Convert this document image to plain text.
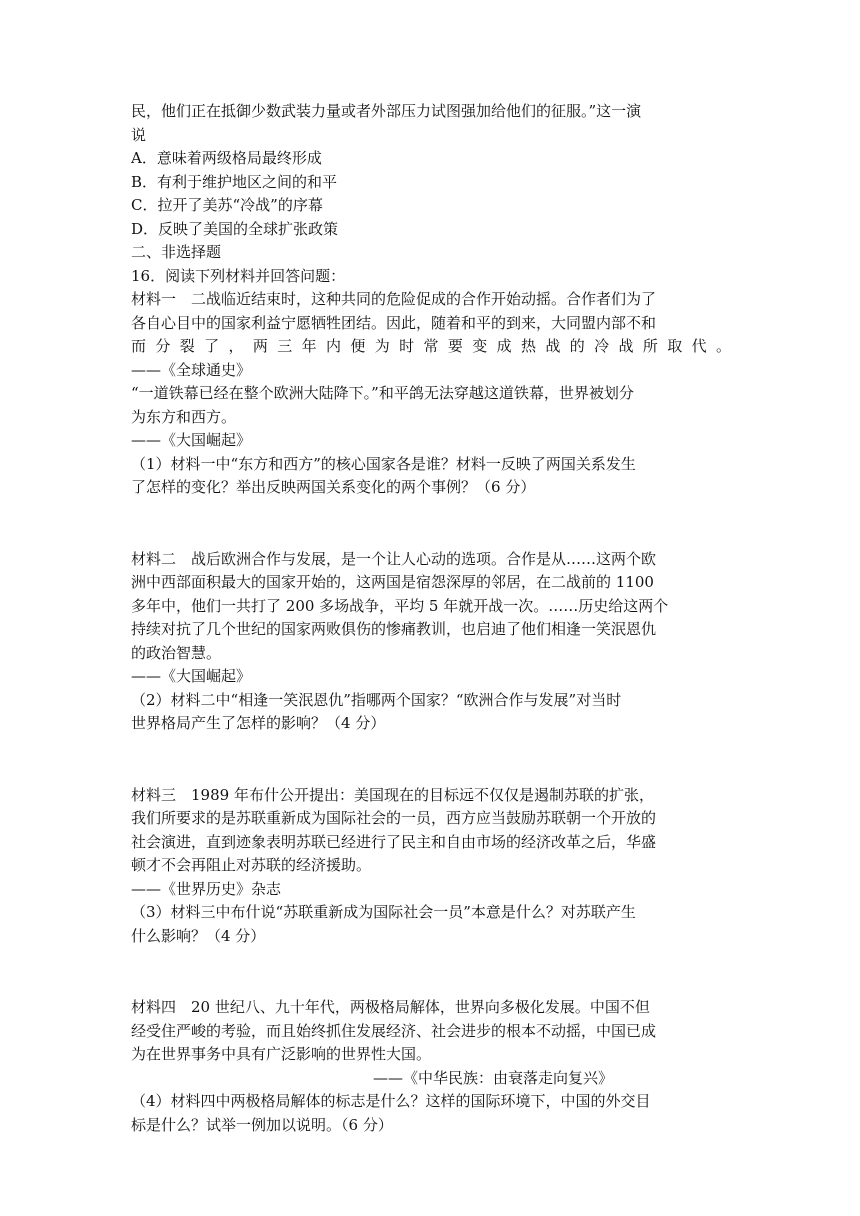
民，他们正在抵御少数武装力量或者外部压力试图强加给他们的征服。”这一演
说
A．意味着两级格局最终形成
B．有利于维护地区之间的和平
C．拉开了美苏“冷战”的序幕
D．反映了美国的全球扩张政策
二、非选择题
16．阅读下列材料并回答问题：
材料一　二战临近结束时，这种共同的危险促成的合作开始动摇。合作者们为了
各自心目中的国家利益宁愿牺牲团结。因此，随着和平的到来，大同盟内部不和
而分裂了，两三年内便为时常要变成热战的冷战所取代。
——《全球通史》
“一道铁幕已经在整个欧洲大陆降下。”和平鸽无法穿越这道铁幕，世界被划分
为东方和西方。
——《大国崛起》
（1）材料一中“东方和西方”的核心国家各是谁？材料一反映了两国关系发生
了怎样的变化？举出反映两国关系变化的两个事例？（6 分）
材料二　战后欧洲合作与发展，是一个让人心动的选项。合作是从……这两个欧
洲中西部面积最大的国家开始的，这两国是宿怨深厚的邻居，在二战前的 1100
多年中，他们一共打了 200 多场战争，平均 5 年就开战一次。……历史给这两个
持续对抗了几个世纪的国家两败俱伤的惨痛教训，也启迪了他们相逢一笑泯恩仇
的政治智慧。
——《大国崛起》
（2）材料二中“相逢一笑泯恩仇”指哪两个国家？“欧洲合作与发展”对当时
世界格局产生了怎样的影响？（4 分）
材料三　1989 年布什公开提出：美国现在的目标远不仅仅是遏制苏联的扩张，
我们所要求的是苏联重新成为国际社会的一员，西方应当鼓励苏联朝一个开放的
社会演进，直到迹象表明苏联已经进行了民主和自由市场的经济改革之后，华盛
顿才不会再阻止对苏联的经济援助。
——《世界历史》杂志
（3）材料三中布什说“苏联重新成为国际社会一员”本意是什么？对苏联产生
什么影响？（4 分）
材料四　20 世纪八、九十年代，两极格局解体，世界向多极化发展。中国不但
经受住严峻的考验，而且始终抓住发展经济、社会进步的根本不动摇，中国已成
为在世界事务中具有广泛影响的世界性大国。
——《中华民族：由衰落走向复兴》
（4）材料四中两极格局解体的标志是什么？这样的国际环境下，中国的外交目
标是什么？试举一例加以说明。（6 分）
